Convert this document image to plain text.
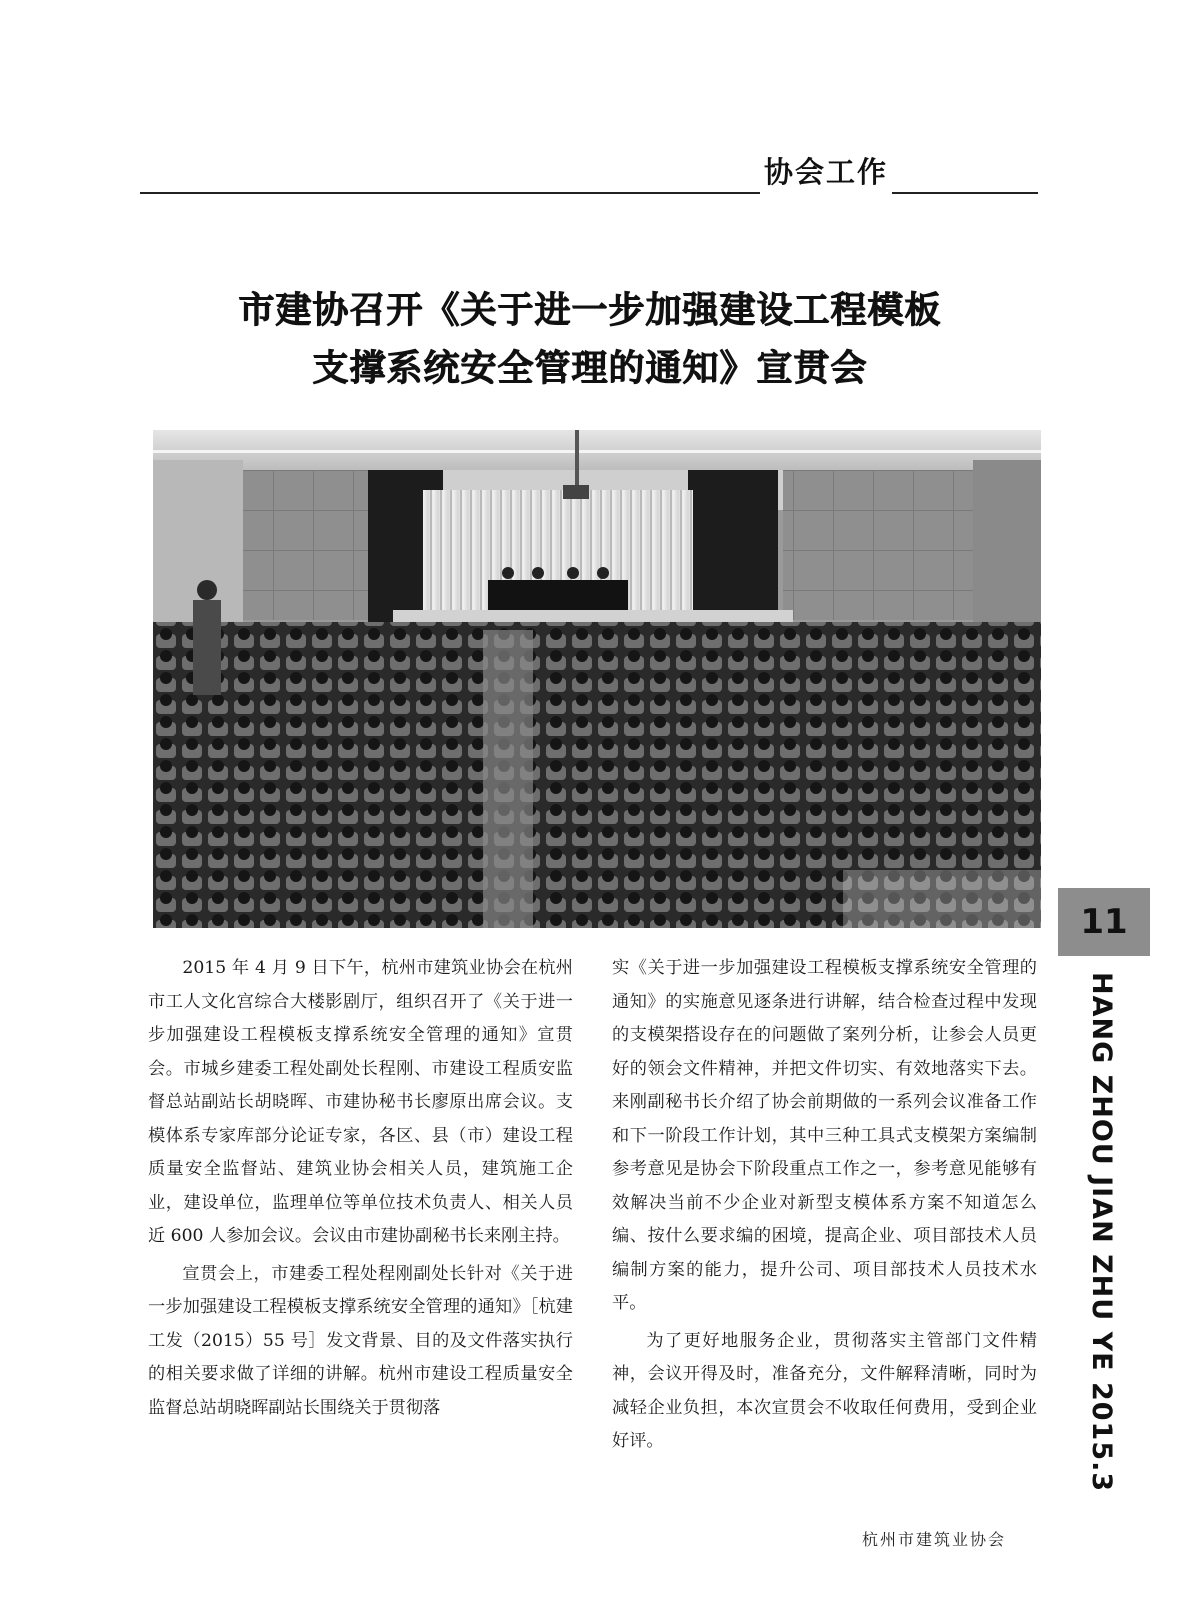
协会工作
市建协召开《关于进一步加强建设工程模板
支撑系统安全管理的通知》宣贯会

2015 年 4 月 9 日下午，杭州市建筑业协会在杭州市工人文化宫综合大楼影剧厅，组织召开了《关于进一步加强建设工程模板支撑系统安全管理的通知》宣贯会。市城乡建委工程处副处长程刚、市建设工程质安监督总站副站长胡晓晖、市建协秘书长廖原出席会议。支模体系专家库部分论证专家，各区、县（市）建设工程质量安全监督站、建筑业协会相关人员，建筑施工企业，建设单位，监理单位等单位技术负责人、相关人员近 600 人参加会议。会议由市建协副秘书长来刚主持。

宣贯会上，市建委工程处程刚副处长针对《关于进一步加强建设工程模板支撑系统安全管理的通知》［杭建工发（2015）55 号］发文背景、目的及文件落实执行的相关要求做了详细的讲解。杭州市建设工程质量安全监督总站胡晓晖副站长围绕关于贯彻落

实《关于进一步加强建设工程模板支撑系统安全管理的通知》的实施意见逐条进行讲解，结合检查过程中发现的支模架搭设存在的问题做了案列分析，让参会人员更好的领会文件精神，并把文件切实、有效地落实下去。来刚副秘书长介绍了协会前期做的一系列会议准备工作和下一阶段工作计划，其中三种工具式支模架方案编制参考意见是协会下阶段重点工作之一，参考意见能够有效解决当前不少企业对新型支模体系方案不知道怎么编、按什么要求编的困境，提高企业、项目部技术人员编制方案的能力，提升公司、项目部技术人员技术水平。

为了更好地服务企业，贯彻落实主管部门文件精神，会议开得及时，准备充分，文件解释清晰，同时为减轻企业负担，本次宣贯会不收取任何费用，受到企业好评。

杭州市建筑业协会
11
HANG ZHOU JIAN ZHU YE 2015.3
